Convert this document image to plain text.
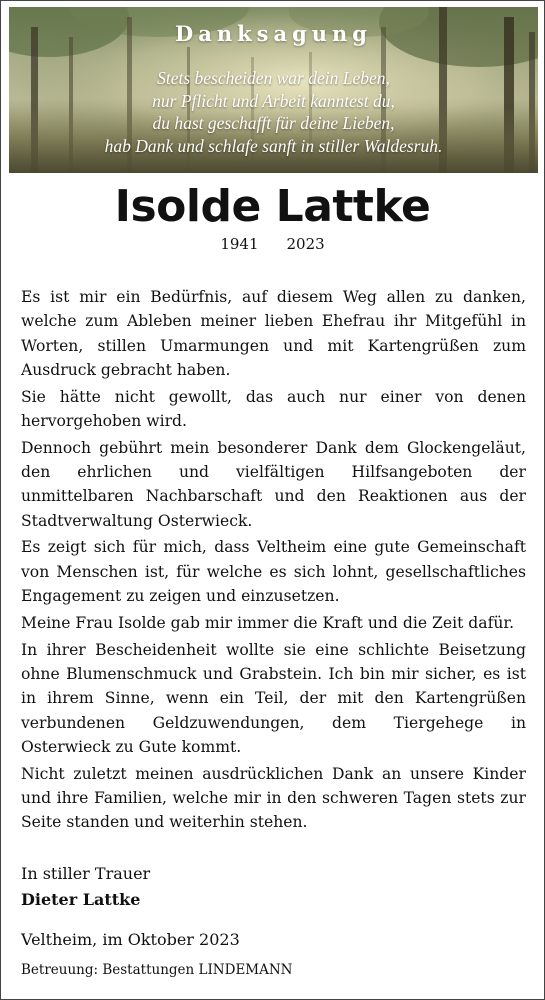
Danksagung
Stets bescheiden war dein Leben,
nur Pflicht und Arbeit kanntest du,
du hast geschafft für deine Lieben,
hab Dank und schlafe sanft in stiller Waldesruh.
Isolde Lattke
1941 2023

Es ist mir ein Bedürfnis, auf diesem Weg allen zu danken, welche zum Ableben meiner lieben Ehefrau ihr Mitgefühl in Worten, stillen Umarmungen und mit Kartengrüßen zum Ausdruck gebracht haben.

Sie hätte nicht gewollt, das auch nur einer von denen hervorgehoben wird.

Dennoch gebührt mein besonderer Dank dem Glockengeläut, den ehrlichen und vielfältigen Hilfsangeboten der unmittelbaren Nachbarschaft und den Reaktionen aus der Stadtverwaltung Osterwieck.

Es zeigt sich für mich, dass Veltheim eine gute Gemeinschaft von Menschen ist, für welche es sich lohnt, gesellschaftliches Engagement zu zeigen und einzusetzen.

Meine Frau Isolde gab mir immer die Kraft und die Zeit dafür.

In ihrer Bescheidenheit wollte sie eine schlichte Beisetzung ohne Blumenschmuck und Grabstein. Ich bin mir sicher, es ist in ihrem Sinne, wenn ein Teil, der mit den Kartengrüßen verbundenen Geldzuwendungen, dem Tiergehege in Osterwieck zu Gute kommt.

Nicht zuletzt meinen ausdrücklichen Dank an unsere Kinder und ihre Familien, welche mir in den schweren Tagen stets zur Seite standen und weiterhin stehen.

In stiller Trauer
Dieter Lattke
Veltheim, im Oktober 2023
Betreuung: Bestattungen LINDEMANN
